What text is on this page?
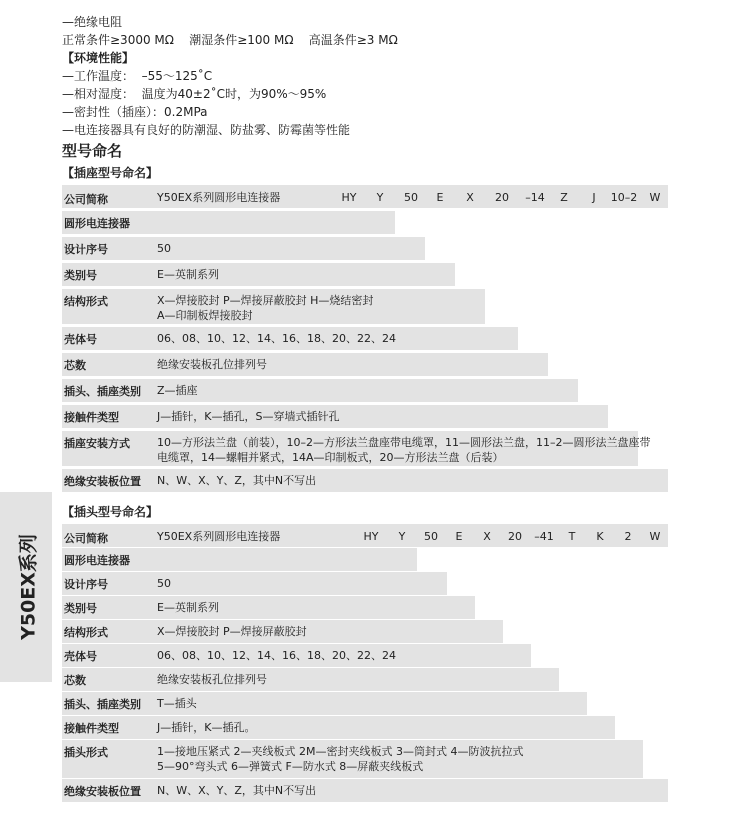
—绝缘电阻
正常条件≥3000 MΩ    潮湿条件≥100 MΩ    高温条件≥3 MΩ
【环境性能】
—工作温度：  –55～125˚C
—相对湿度：  温度为40±2˚C时，为90%～95%
—密封性（插座）：0.2MPa
—电连接器具有良好的防潮湿、防盐雾、防霉菌等性能
型号命名
Y50EX系列
【插座型号命名】
【插头型号命名】
公司简称	Y50EX系列圆形电连接器	HY Y 50 E X 20 –14 Z J 10–2 W
圆形电连接器
设计序号	50
类别号	E—英制系列
结构形式	X—焊接胶封 P—焊接屏蔽胶封 H—烧结密封
A—印制板焊接胶封
壳体号	06、08、10、12、14、16、18、20、22、24
芯数	绝缘安装板孔位排列号
插头、插座类别 Z—插座
接触件类型	J—插针，K—插孔，S—穿墙式插针孔
插座安装方式 10—方形法兰盘（前装），10–2—方形法兰盘座带电缆罩，11—圆形法兰盘，11–2—圆形法兰盘座带
电缆罩，14—螺帽并紧式，14A—印制板式，20—方形法兰盘（后装）
绝缘安装板位置 N、W、X、Y、Z，其中N不写出
公司简称	Y50EX系列圆形电连接器	HY Y 50 E X 20 –41 T K 2 W
圆形电连接器
设计序号	50
类别号	E—英制系列
结构形式	X—焊接胶封 P—焊接屏蔽胶封
壳体号	06、08、10、12、14、16、18、20、22、24
芯数	绝缘安装板孔位排列号
插头、插座类别 T—插头
接触件类型	J—插针，K—插孔。
插头形式	1—接地压紧式 2—夹线板式 2M—密封夹线板式 3—筒封式 4—防波抗拉式
5—90°弯头式 6—弹簧式 F—防水式 8—屏蔽夹线板式
绝缘安装板位置 N、W、X、Y、Z，其中N不写出
